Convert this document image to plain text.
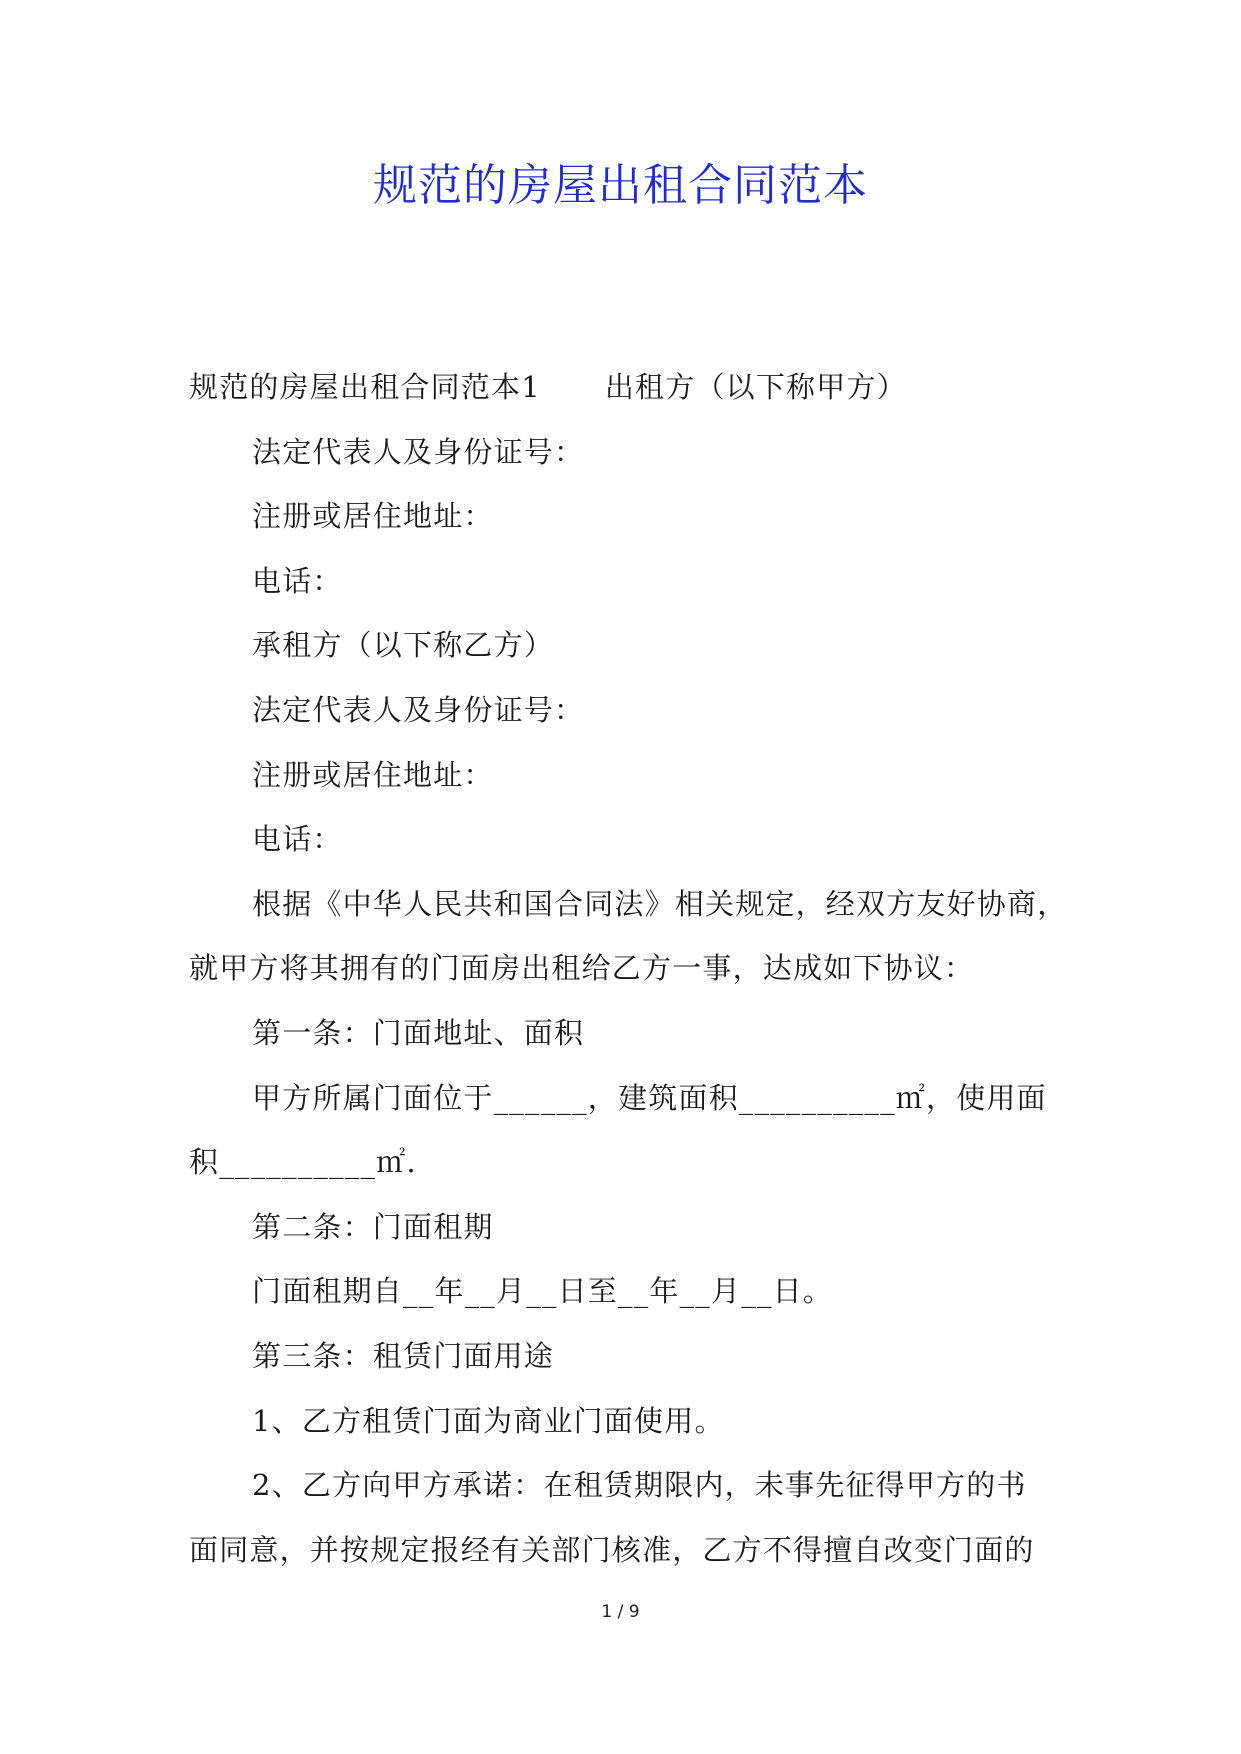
规范的房屋出租合同范本
规范的房屋出租合同范本1 出租方（以下称甲方）
法定代表人及身份证号：
注册或居住地址：
电话：
承租方（以下称乙方）
法定代表人及身份证号：
注册或居住地址：
电话：
根据《中华人民共和国合同法》相关规定，经双方友好协商，
就甲方将其拥有的门面房出租给乙方一事，达成如下协议：
第一条：门面地址、面积
甲方所属门面位于______，建筑面积__________㎡，使用面
积__________㎡.
第二条：门面租期
门面租期自__年__月__日至__年__月__日。
第三条：租赁门面用途
1、乙方租赁门面为商业门面使用。
2、乙方向甲方承诺：在租赁期限内，未事先征得甲方的书
面同意，并按规定报经有关部门核准，乙方不得擅自改变门面的
1 / 9
